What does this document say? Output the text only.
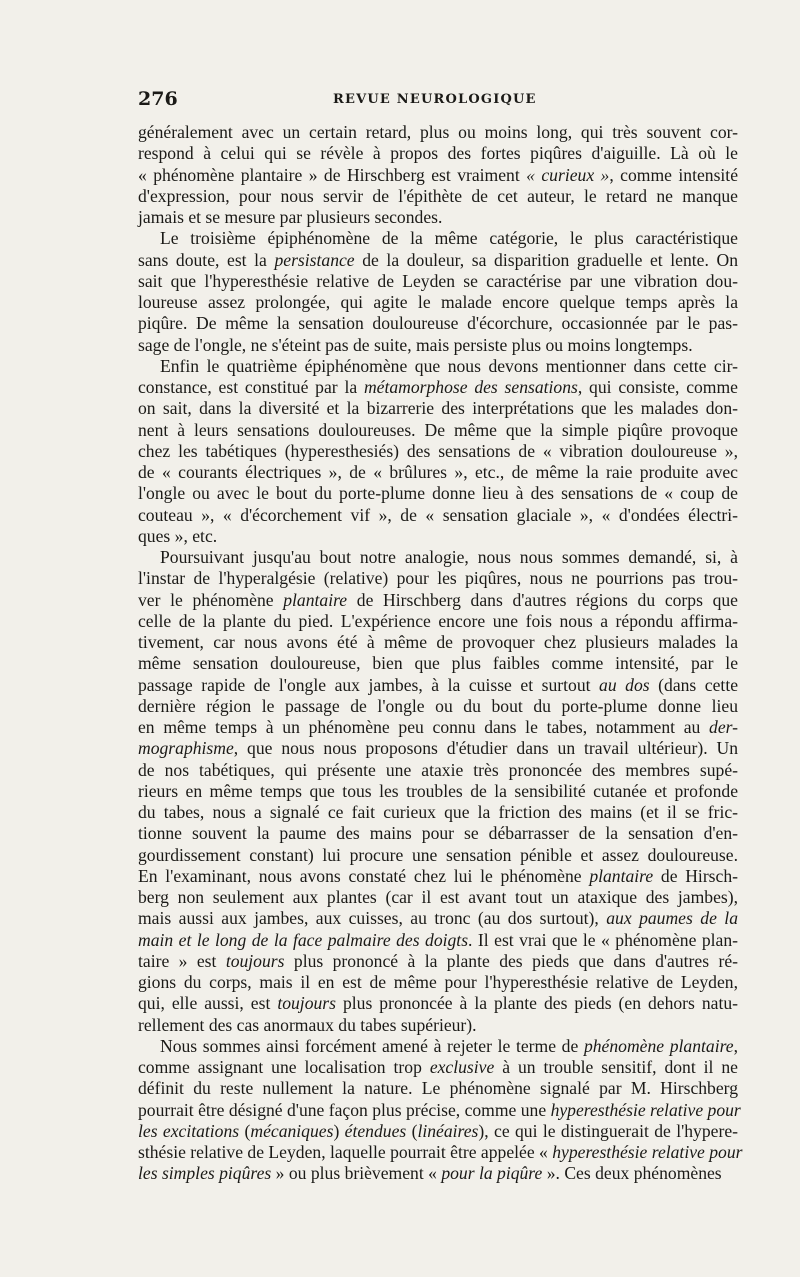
276	REVUE NEUROLOGIQUE

généralement avec un certain retard, plus ou moins long, qui très souvent cor-
respond à celui qui se révèle à propos des fortes piqûres d'aiguille. Là où le
« phénomène plantaire » de Hirschberg est vraiment « curieux », comme intensité
d'expression, pour nous servir de l'épithète de cet auteur, le retard ne manque
jamais et se mesure par plusieurs secondes.

Le troisième épiphénomène de la même catégorie, le plus caractéristique
sans doute, est la persistance de la douleur, sa disparition graduelle et lente. On
sait que l'hyperesthésie relative de Leyden se caractérise par une vibration dou-
loureuse assez prolongée, qui agite le malade encore quelque temps après la
piqûre. De même la sensation douloureuse d'écorchure, occasionnée par le pas-
sage de l'ongle, ne s'éteint pas de suite, mais persiste plus ou moins longtemps.

Enfin le quatrième épiphénomène que nous devons mentionner dans cette cir-
constance, est constitué par la métamorphose des sensations, qui consiste, comme
on sait, dans la diversité et la bizarrerie des interprétations que les malades don-
nent à leurs sensations douloureuses. De même que la simple piqûre provoque
chez les tabétiques (hyperesthesiés) des sensations de « vibration douloureuse »,
de « courants électriques », de « brûlures », etc., de même la raie produite avec
l'ongle ou avec le bout du porte-plume donne lieu à des sensations de « coup de
couteau », « d'écorchement vif », de « sensation glaciale », « d'ondées électri-
ques », etc.

Poursuivant jusqu'au bout notre analogie, nous nous sommes demandé, si, à
l'instar de l'hyperalgésie (relative) pour les piqûres, nous ne pourrions pas trou-
ver le phénomène plantaire de Hirschberg dans d'autres régions du corps que
celle de la plante du pied. L'expérience encore une fois nous a répondu affirma-
tivement, car nous avons été à même de provoquer chez plusieurs malades la
même sensation douloureuse, bien que plus faibles comme intensité, par le
passage rapide de l'ongle aux jambes, à la cuisse et surtout au dos (dans cette
dernière région le passage de l'ongle ou du bout du porte-plume donne lieu
en même temps à un phénomène peu connu dans le tabes, notamment au der-
mographisme, que nous nous proposons d'étudier dans un travail ultérieur). Un
de nos tabétiques, qui présente une ataxie très prononcée des membres supé-
rieurs en même temps que tous les troubles de la sensibilité cutanée et profonde
du tabes, nous a signalé ce fait curieux que la friction des mains (et il se fric-
tionne souvent la paume des mains pour se débarrasser de la sensation d'en-
gourdissement constant) lui procure une sensation pénible et assez douloureuse.
En l'examinant, nous avons constaté chez lui le phénomène plantaire de Hirsch-
berg non seulement aux plantes (car il est avant tout un ataxique des jambes),
mais aussi aux jambes, aux cuisses, au tronc (au dos surtout), aux paumes de la
main et le long de la face palmaire des doigts. Il est vrai que le « phénomène plan-
taire » est toujours plus prononcé à la plante des pieds que dans d'autres ré-
gions du corps, mais il en est de même pour l'hyperesthésie relative de Leyden,
qui, elle aussi, est toujours plus prononcée à la plante des pieds (en dehors natu-
rellement des cas anormaux du tabes supérieur).

Nous sommes ainsi forcément amené à rejeter le terme de phénomène plantaire,
comme assignant une localisation trop exclusive à un trouble sensitif, dont il ne
définit du reste nullement la nature. Le phénomène signalé par M. Hirschberg
pourrait être désigné d'une façon plus précise, comme une hyperesthésie relative pour
les excitations (mécaniques) étendues (linéaires), ce qui le distinguerait de l'hypere-
sthésie relative de Leyden, laquelle pourrait être appelée « hyperesthésie relative pour
les simples piqûres » ou plus brièvement « pour la piqûre ». Ces deux phénomènes
